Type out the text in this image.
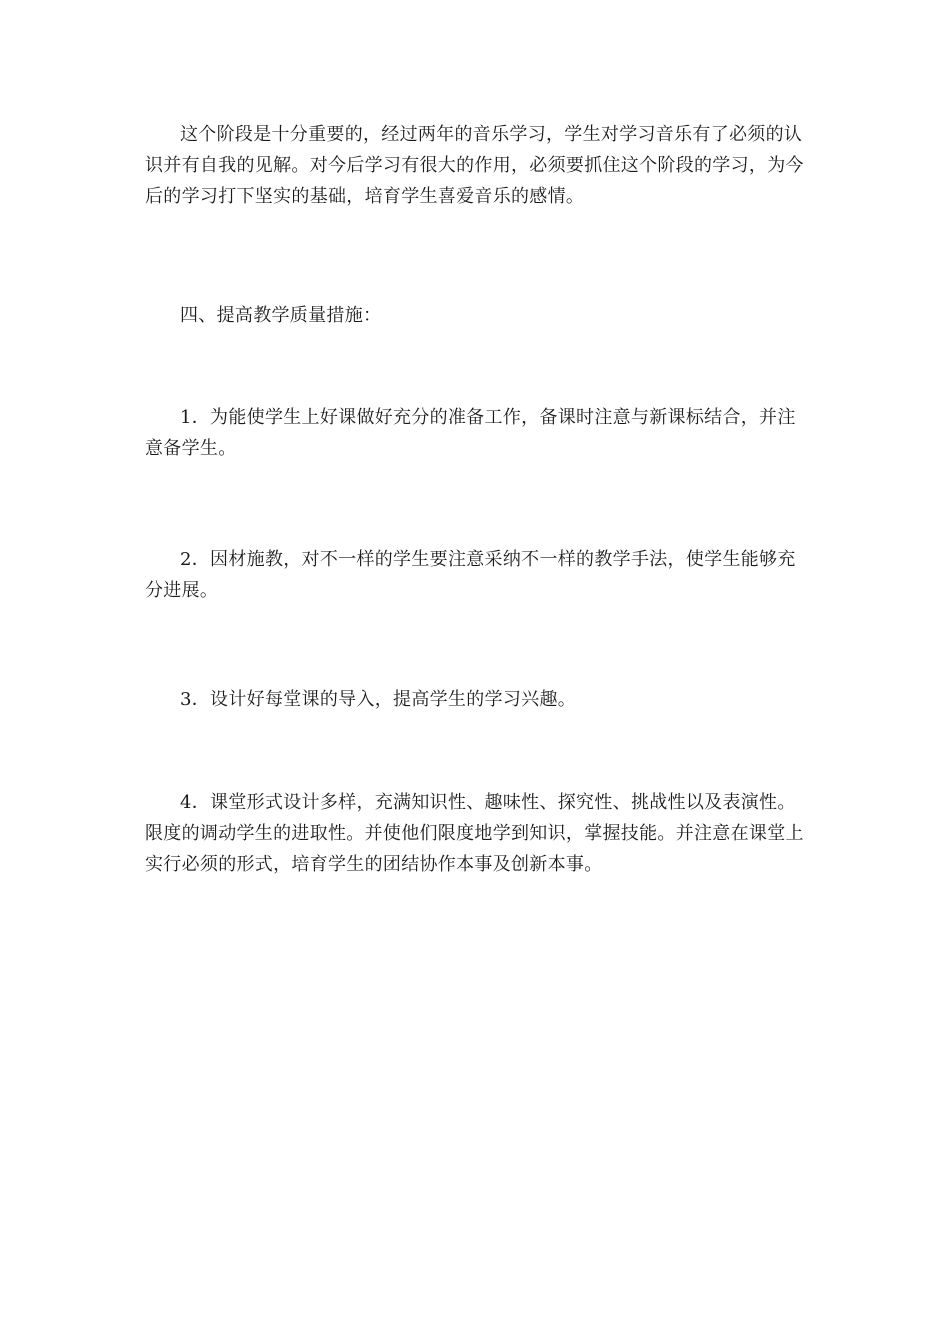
这个阶段是十分重要的，经过两年的音乐学习，学生对学习音乐有了必须的认识并有自我的见解。对今后学习有很大的作用，必须要抓住这个阶段的学习，为今后的学习打下坚实的基础，培育学生喜爱音乐的感情。

四、提高教学质量措施：

1．为能使学生上好课做好充分的准备工作，备课时注意与新课标结合，并注意备学生。

2．因材施教，对不一样的学生要注意采纳不一样的教学手法，使学生能够充分进展。

3．设计好每堂课的导入，提高学生的学习兴趣。

4．课堂形式设计多样，充满知识性、趣味性、探究性、挑战性以及表演性。限度的调动学生的进取性。并使他们限度地学到知识，掌握技能。并注意在课堂上实行必须的形式，培育学生的团结协作本事及创新本事。
